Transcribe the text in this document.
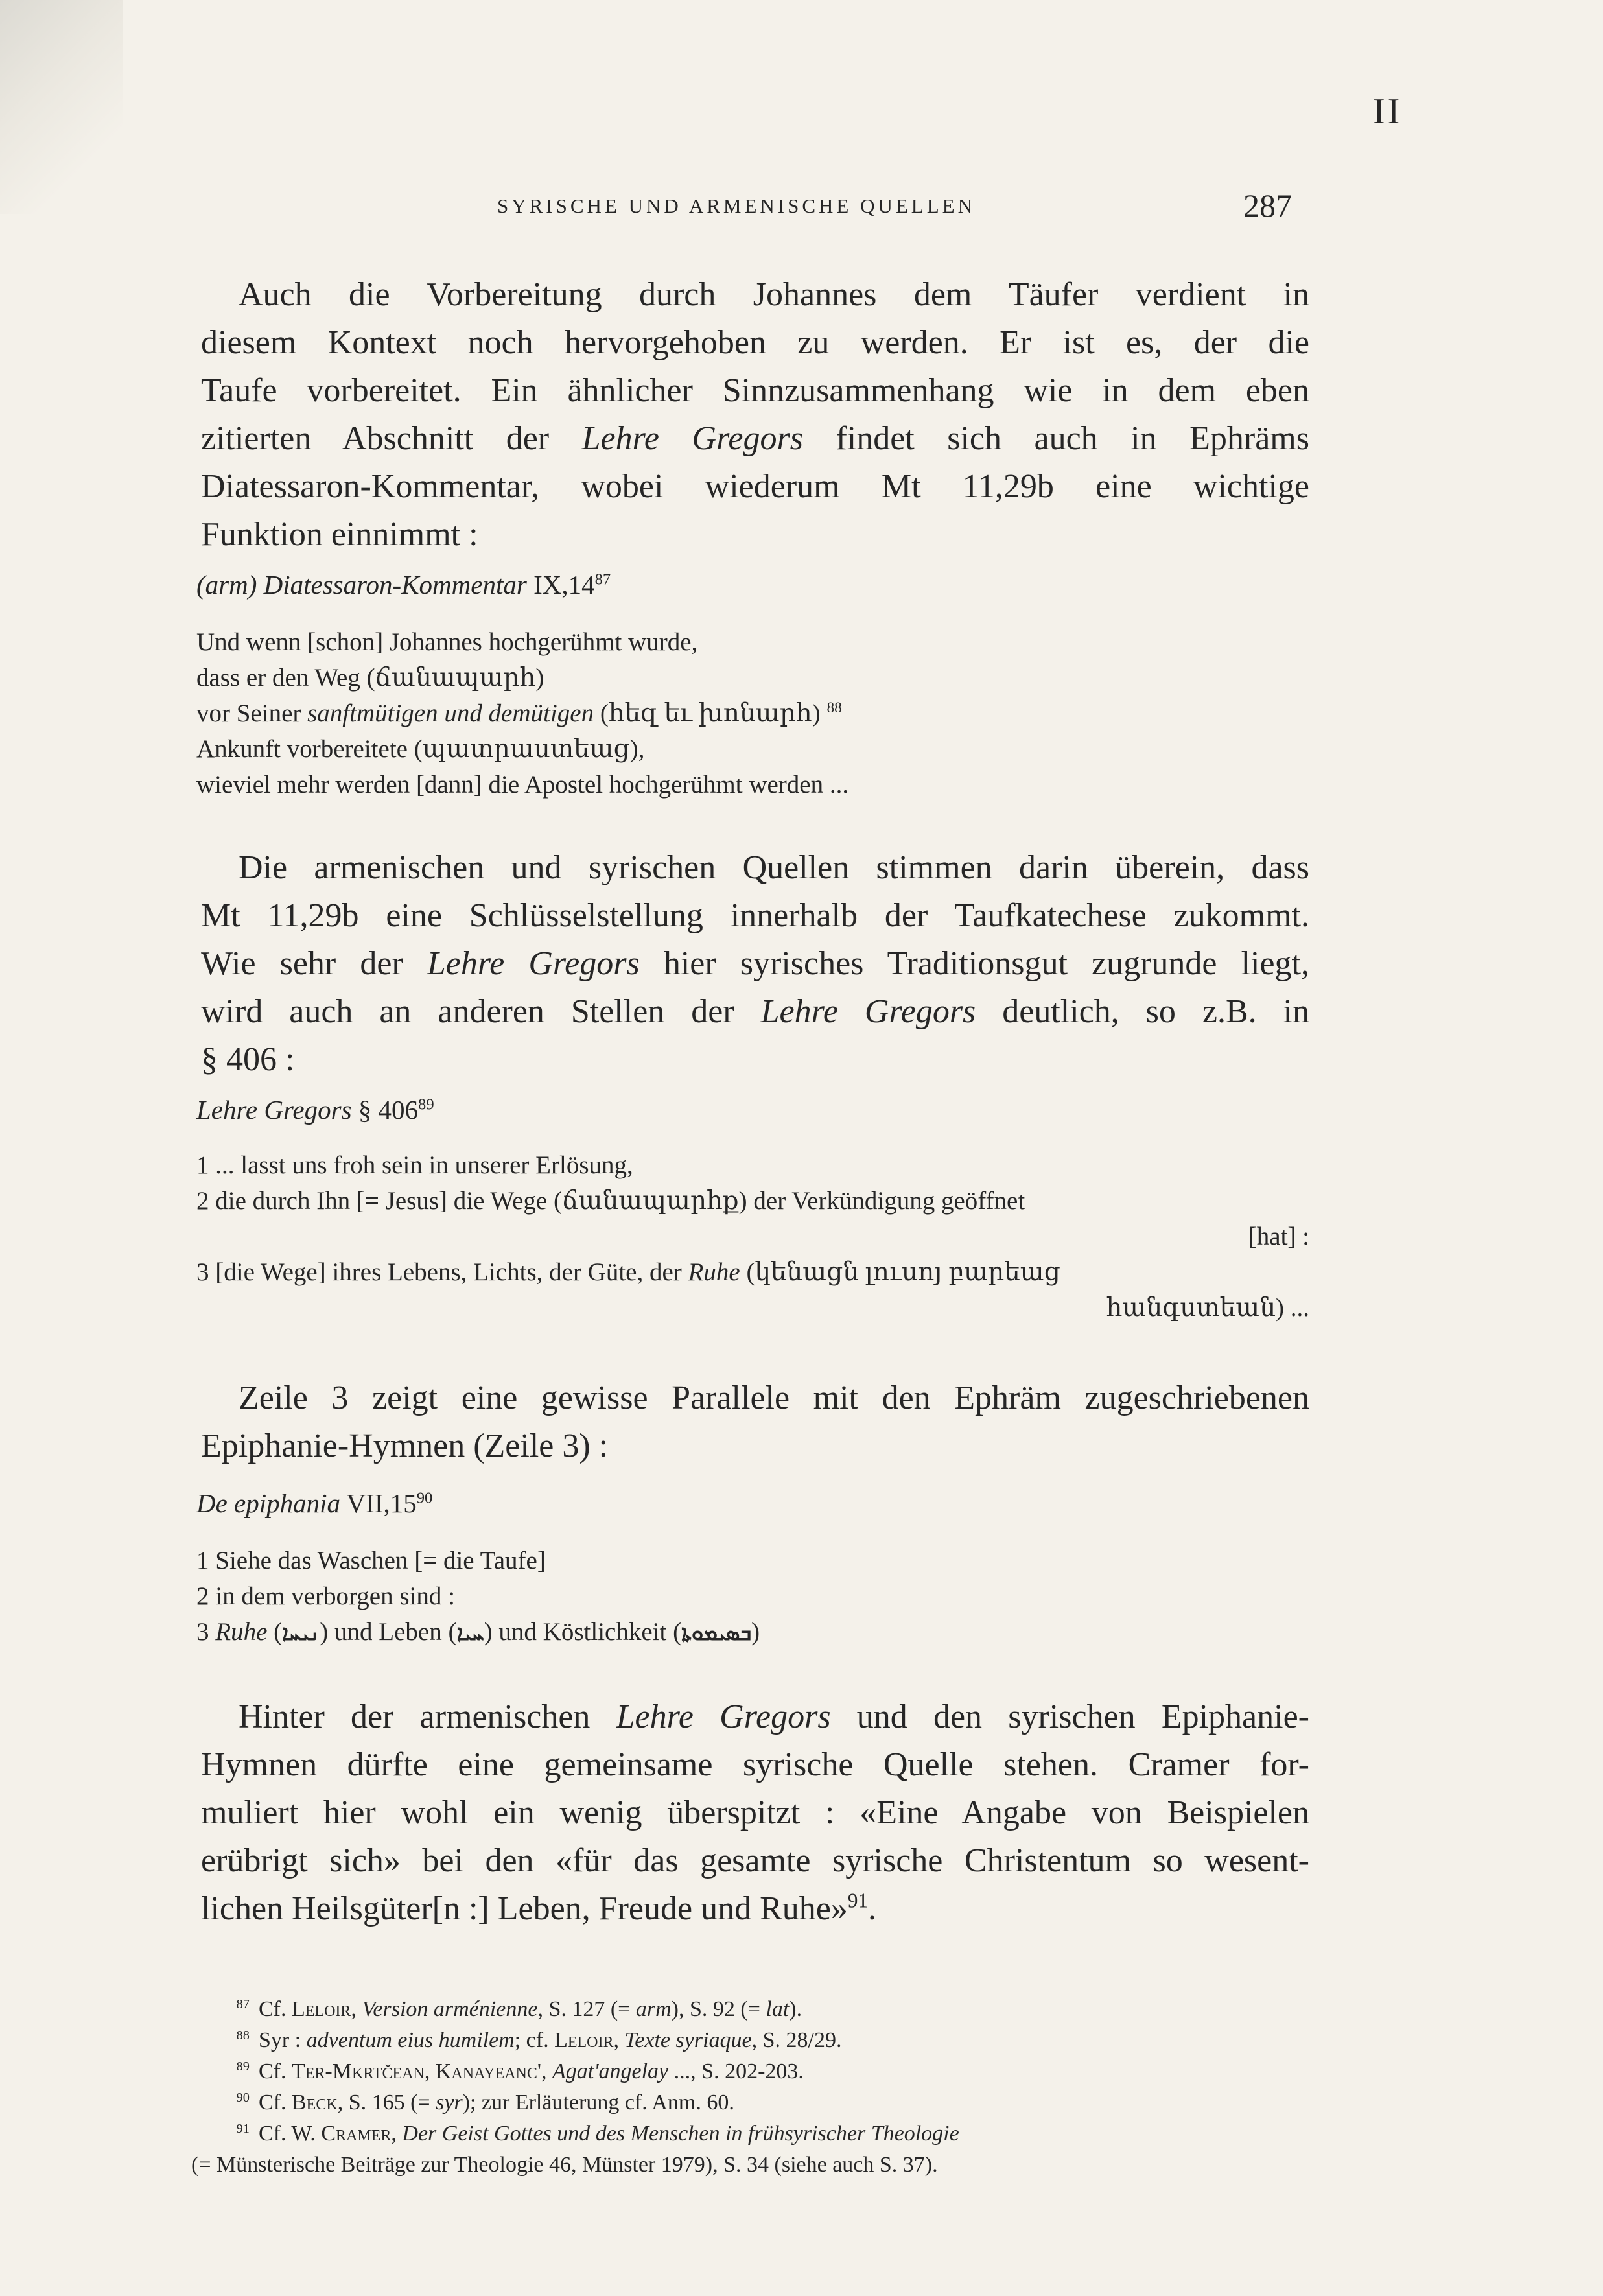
II
SYRISCHE UND ARMENISCHE QUELLEN	287
Auch die Vorbereitung durch Johannes dem Täufer verdient in
diesem Kontext noch hervorgehoben zu werden. Er ist es, der die
Taufe vorbereitet. Ein ähnlicher Sinnzusammenhang wie in dem eben
zitierten Abschnitt der Lehre Gregors findet sich auch in Ephräms
Diatessaron-Kommentar, wobei wiederum Mt 11,29b eine wichtige
Funktion einnimmt :
(arm) Diatessaron-Kommentar $IX,14^{87}$
Und wenn [schon] Johannes hochgerühmt wurde,
dass er den Weg (ճանապարհ)
vor Seiner sanftmütigen und demütigen (հեզ եւ խոնարհ) $^{88}$
Ankunft vorbereitete (պատրաստեաց),
wieviel mehr werden [dann] die Apostel hochgerühmt werden ...
Die armenischen und syrischen Quellen stimmen darin überein, dass
Mt 11,29b eine Schlüsselstellung innerhalb der Taufkatechese zukommt.
Wie sehr der Lehre Gregors hier syrisches Traditionsgut zugrunde liegt,
wird auch an anderen Stellen der Lehre Gregors deutlich, so z.B. in
§ 406 :
Lehre Gregors § $406^{89}$
1 ... lasst uns froh sein in unserer Erlösung,
2 die durch Ihn [= Jesus] die Wege (ճանապարհք) der Verkündigung geöffnet
[hat] :
3 [die Wege] ihres Lebens, Lichts, der Güte, der Ruhe (կենացն լուսոյ բարեաց
հանգստեան) ...
Zeile 3 zeigt eine gewisse Parallele mit den Ephräm zugeschriebenen
Epiphanie-Hymnen (Zeile 3) :
De epiphania $VII,15^{90}$
1 Siehe das Waschen [= die Taufe]
2 in dem verborgen sind :
3 Ruhe (ܢܝܚܐ) und Leben (ܚܝܐ) und Köstlichkeit (ܒܣܝܡܘܬܐ)
Hinter der armenischen Lehre Gregors und den syrischen Epiphanie-
Hymnen dürfte eine gemeinsame syrische Quelle stehen. Cramer for-
muliert hier wohl ein wenig überspitzt : «Eine Angabe von Beispielen
erübrigt sich» bei den «für das gesamte syrische Christentum so wesent-
lichen Heilsgüter[n :] Leben, Freude und Ruhe»$^{91}$.
$^{87}$ Cf. Leloir, Version arménienne, S. 127 (= arm), S. 92 (= lat).
$^{88}$ Syr : adventum eius humilem; cf. Leloir, Texte syriaque, S. 28/29.
$^{89}$ Cf. Ter-Mkrtčean, Kanayeanc', Agat'angelay ..., S. 202-203.
$^{90}$ Cf. Beck, S. 165 (= syr); zur Erläuterung cf. Anm. 60.
$^{91}$ Cf. W. Cramer, Der Geist Gottes und des Menschen in frühsyrischer Theologie
(= Münsterische Beiträge zur Theologie 46, Münster 1979), S. 34 (siehe auch S. 37).
